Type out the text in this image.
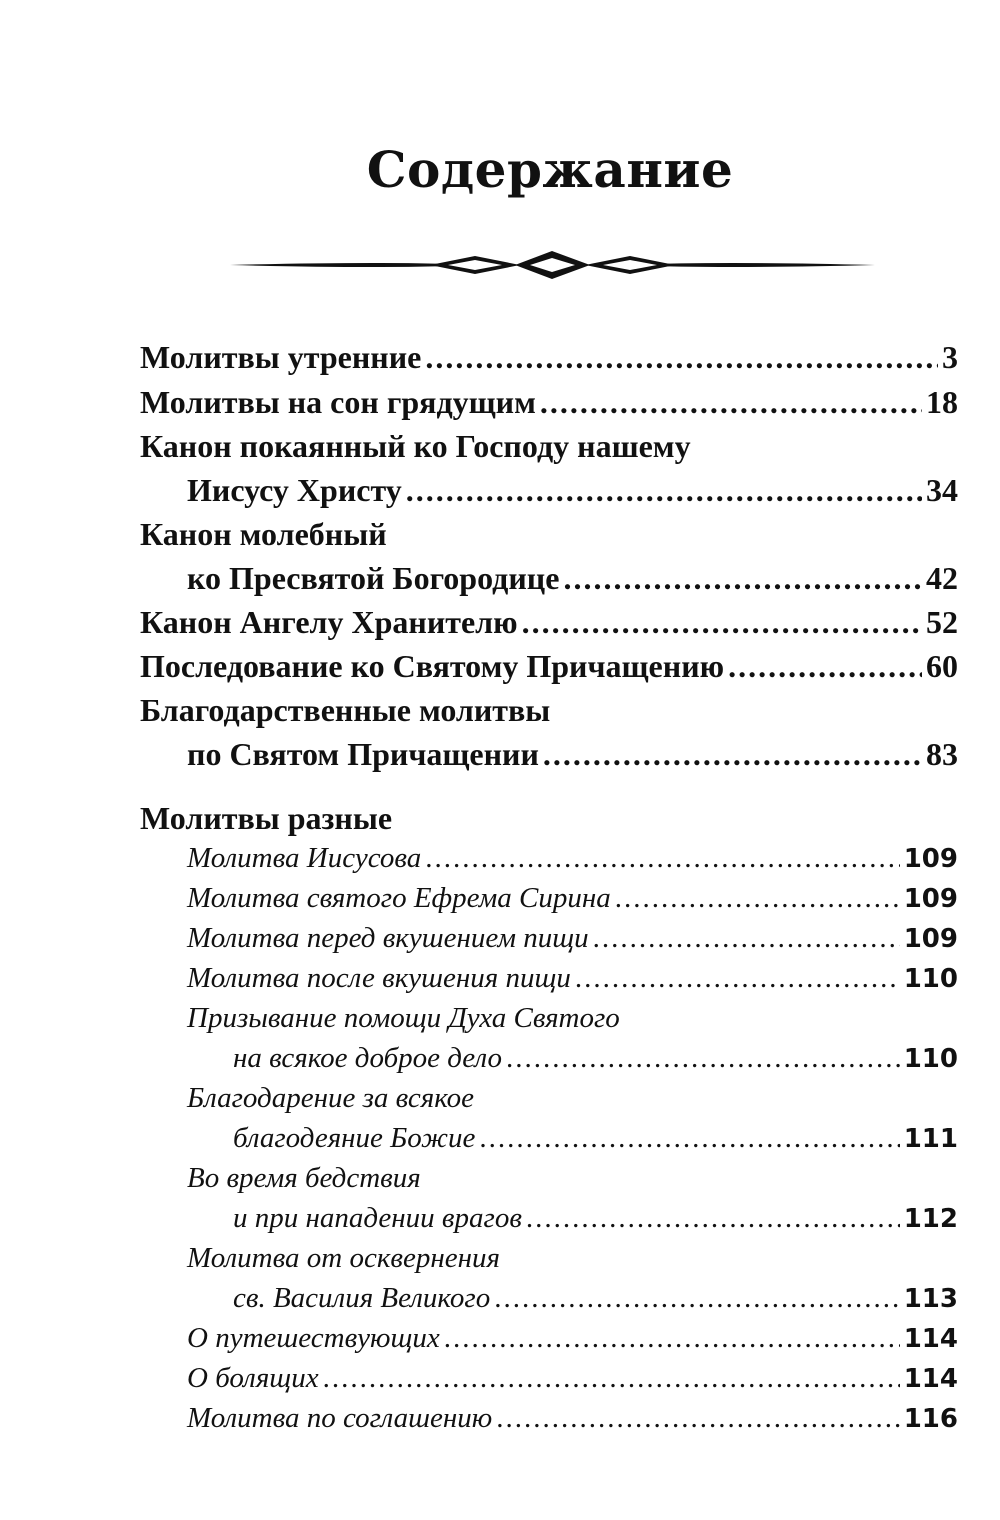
Содержание
Молитвы утренние .....	3
Молитвы на сон грядущим .....	18
Канон покаянный ко Господу нашему
Иисусу Христу .....	34
Канон молебный
ко Пресвятой Богородице .....	42
Канон Ангелу Хранителю .....	52
Последование ко Святому Причащению .....	60
Благодарственные молитвы
по Святом Причащении .....	83
Молитвы разные
Молитва Иисусова .....	109
Молитва святого Ефрема Сирина .....	109
Молитва перед вкушением пищи .....	109
Молитва после вкушения пищи .....	110
Призывание помощи Духа Святого
на всякое доброе дело .....	110
Благодарение за всякое
благодеяние Божие .....	111
Во время бедствия
и при нападении врагов .....	112
Молитва от осквернения
св. Василия Великого .....	113
О путешествующих .....	114
О болящих .....	114
Молитва по соглашению .....	116
